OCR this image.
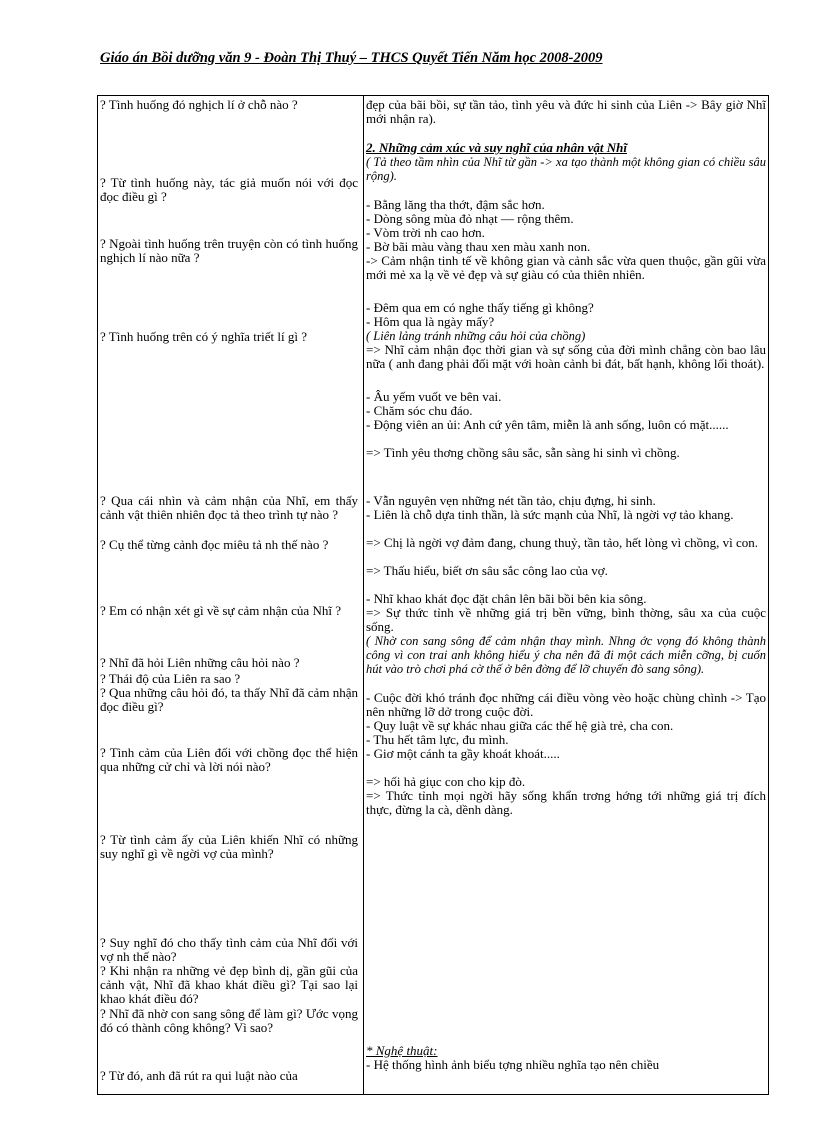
Giáo án Bồi dưỡng văn 9 - Đoàn Thị Thuý – THCS Quyết Tiến Năm học 2008-2009

? Tình huống đó nghịch lí ở chỗ nào ?

? Từ tình huống này, tác giả muốn nói với đọc đọc điều gì ?

? Ngoài tình huống trên truyện còn có tình huống nghịch lí nào nữa ?

? Tình huống trên có ý nghĩa triết lí gì ?

? Qua cái nhìn và cảm nhận của Nhĩ, em thấy cảnh vật thiên nhiên đọc tả theo trình tự nào ?

? Cụ thể từng cảnh đọc miêu tả nh thế nào ?

? Em có nhận xét gì về sự cảm nhận của Nhĩ ?

? Nhĩ đã hỏi Liên những câu hỏi nào ?

? Thái độ của Liên ra sao ?

? Qua những câu hỏi đó, ta thấy Nhĩ đã cảm nhận đọc điều gì?

? Tình cảm của Liên đối với chồng đọc thể hiện qua những cử chỉ và lời nói nào?

? Từ tình cảm ấy của Liên khiến Nhĩ có những suy nghĩ gì về ngời vợ của mình?

? Suy nghĩ đó cho thấy tình cảm của Nhĩ đối với vợ nh thế nào?

? Khi nhận ra những vẻ đẹp bình dị, gần gũi của cảnh vật, Nhĩ đã khao khát điều gì? Tại sao lại khao khát điều đó?

? Nhĩ đã nhờ con sang sông để làm gì? Ước vọng đó có thành công không? Vì sao?

? Từ đó, anh đã rút ra qui luật nào của

đẹp của bãi bồi, sự tần tảo, tình yêu và đức hi sinh của Liên -> Bây giờ Nhĩ mới nhận ra).

2. Những cảm xúc và suy nghĩ của nhân vật Nhĩ

( Tả theo tầm nhìn của Nhĩ từ gần -> xa tạo thành một không gian có chiều sâu rộng).

- Bằng lăng tha thớt, đậm sắc hơn.

- Dòng sông mùa đỏ nhạt — rộng thêm.

- Vòm trời nh cao hơn.

- Bờ bãi màu vàng thau xen màu xanh non.

-> Cảm nhận tinh tế về không gian và cảnh sắc vừa quen thuộc, gần gũi vừa mới mẻ xa lạ về vẻ đẹp và sự giàu có của thiên nhiên.

- Đêm qua em có nghe thấy tiếng gì không?

- Hôm qua là ngày mấy?

( Liên lảng tránh những câu hỏi của chồng)

=> Nhĩ cảm nhận đọc thời gian và sự sống của đời mình chẳng còn bao lâu nữa ( anh đang phải đối mặt với hoàn cảnh bi đát, bất hạnh, không lối thoát).

- Âu yếm vuốt ve bên vai.

- Chăm sóc chu đáo.

- Động viên an ủi: Anh cứ yên tâm, miễn là anh sống, luôn có mặt......

=> Tình yêu thơng chồng sâu sắc, sẵn sàng hi sinh vì chồng.

- Vẫn nguyên vẹn những nét tần tảo, chịu đựng, hi sinh.

- Liên là chỗ dựa tinh thần, là sức mạnh của Nhĩ, là ngời vợ tảo khang.

=> Chị là ngời vợ đảm đang, chung thuỷ, tần tảo, hết lòng vì chồng, vì con.

=> Thấu hiểu, biết ơn sâu sắc công lao của vợ.

- Nhĩ khao khát đọc đặt chân lên bãi bồi bên kia sông.

=> Sự thức tỉnh về những giá trị bền vững, bình thờng, sâu xa của cuộc sống.

( Nhờ con sang sông để cảm nhận thay mình. Nhng ớc vọng đó không thành công vì con trai anh không hiểu ý cha nên đã đi một cách miễn cỡng, bị cuốn hút vào trò chơi phá cờ thế ở bên đờng để lỡ chuyến đò sang sông).

- Cuộc đời khó tránh đọc những cái điều vòng vèo hoặc chùng chình -> Tạo nên những lỡ dở trong cuộc đời.

- Quy luật về sự khác nhau giữa các thế hệ già trẻ, cha con.

- Thu hết tâm lực, đu mình.

- Giơ một cánh ta gầy khoát khoát.....

=> hối hả giục con cho kịp đò.

=> Thức tỉnh mọi ngời hãy sống khẩn trơng hớng tới những giá trị đích thực, đừng la cà, dềnh dàng.

* Nghệ thuật:

- Hệ thống hình ảnh biểu tợng nhiều nghĩa tạo nên chiều
